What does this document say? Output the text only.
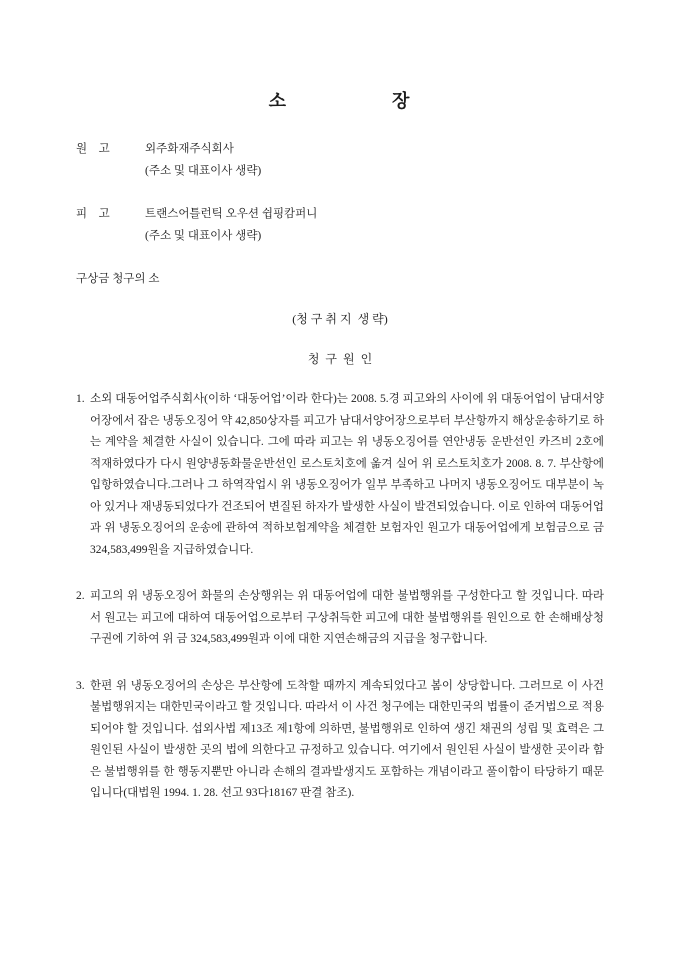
소                장
원    고	외주화재주식회사
(주소 및 대표이사 생략)
피    고	트랜스어틀런틱 오우션 쉽핑캄퍼니
(주소 및 대표이사 생략)
구상금 청구의 소
(청 구 취 지  생 략)
청  구  원  인
1. 소외 대동어업주식회사(이하 ‘대동어업’이라 한다)는 2008. 5.경 피고와의 사이에 위 대동어업이 남대서양 어장에서 잡은 냉동오징어 약 42,850상자를 피고가 남대서양어장으로부터 부산항까지 해상운송하기로 하는 계약을 체결한 사실이 있습니다. 그에 따라 피고는 위 냉동오징어를 연안냉동 운반선인 카즈비 2호에 적재하였다가 다시 원양냉동화물운반선인 로스토치호에 옮겨 실어 위 로스토치호가 2008. 8. 7. 부산항에 입항하였습니다.그러나 그 하역작업시 위 냉동오징어가 일부 부족하고 나머지 냉동오징어도 대부분이 녹아 있거나 재냉동되었다가 건조되어 변질된 하자가 발생한 사실이 발견되었습니다. 이로 인하여 대동어업과 위 냉동오징어의 운송에 관하여 적하보험계약을 체결한 보험자인 원고가 대동어업에게 보험금으로 금 324,583,499원을 지급하였습니다.
2. 피고의 위 냉동오징어 화물의 손상행위는 위 대동어업에 대한 불법행위를 구성한다고 할 것입니다. 따라서 원고는 피고에 대하여 대동어업으로부터 구상취득한 피고에 대한 불법행위를 원인으로 한 손해배상청구권에 기하여 위 금 324,583,499원과 이에 대한 지연손해금의 지급을 청구합니다.
3. 한편 위 냉동오징어의 손상은 부산항에 도착할 때까지 계속되었다고 봄이 상당합니다. 그러므로 이 사건 불법행위지는 대한민국이라고 할 것입니다. 따라서 이 사건 청구에는 대한민국의 법률이 준거법으로 적용되어야 할 것입니다. 섭외사법 제13조 제1항에 의하면, 불법행위로 인하여 생긴 채권의 성립 및 효력은 그 원인된 사실이 발생한 곳의 법에 의한다고 규정하고 있습니다. 여기에서 원인된 사실이 발생한 곳이라 함은 불법행위를 한 행동지뿐만 아니라 손해의 결과발생지도 포함하는 개념이라고 풀이함이 타당하기 때문입니다(대법원 1994. 1. 28. 선고 93다18167 판결 참조).
